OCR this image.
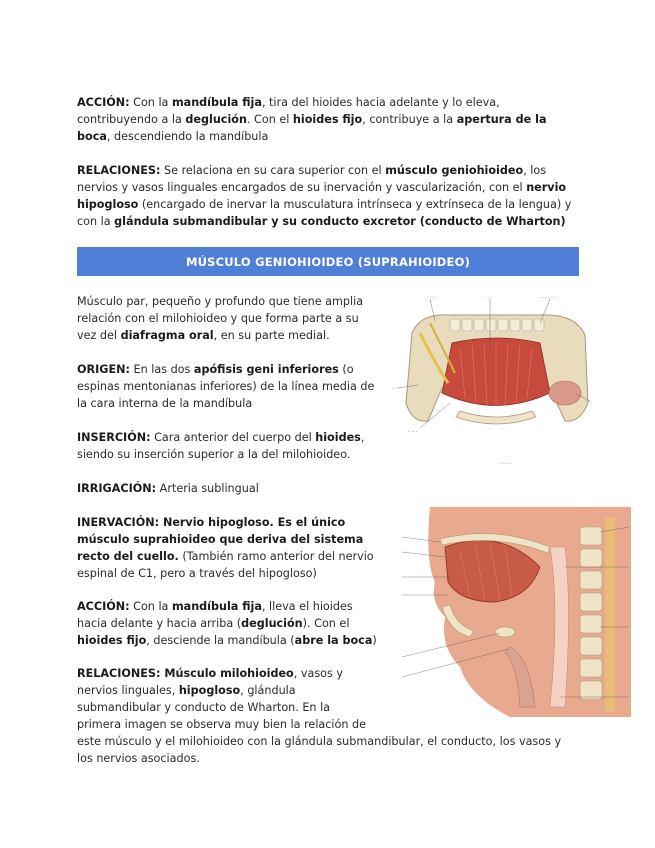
ACCIÓN: Con la mandíbula fija, tira del hioides hacia adelante y lo eleva, contribuyendo a la deglución. Con el hioides fijo, contribuye a la apertura de la boca, descendiendo la mandíbula

RELACIONES: Se relaciona en su cara superior con el músculo geniohioideo, los nervios y vasos linguales encargados de su inervación y vascularización, con el nervio hipogloso (encargado de inervar la musculatura intrínseca y extrínseca de la lengua) y con la glándula submandibular y su conducto excretor (conducto de Wharton)

MÚSCULO GENIOHIOIDEO (SUPRAHIOIDEO)

Músculo par, pequeño y profundo que tiene amplia relación con el milohioideo y que forma parte a su vez del diafragma oral, en su parte medial.

ORIGEN: En las dos apófisis geni inferiores (o espinas mentonianas inferiores) de la línea media de la cara interna de la mandíbula

INSERCIÓN: Cara anterior del cuerpo del hioides, siendo su inserción superior a la del milohioideo.

IRRIGACIÓN: Arteria sublingual

INERVACIÓN: Nervio hipogloso. Es el único músculo suprahioideo que deriva del sistema recto del cuello. (También ramo anterior del nervio espinal de C1, pero a través del hipogloso)

ACCIÓN: Con la mandíbula fija, lleva el hioides hacia delante y hacia arriba (deglución). Con el hioides fijo, desciende la mandíbula (abre la boca)

RELACIONES: Músculo milohioideo, vasos y nervios linguales, hipogloso, glándula submandibular y conducto de Wharton. En la primera imagen se observa muy bien la relación de este músculo y el milohioideo con la glándula submandibular, el conducto, los vasos y los nervios asociados.
· · · ·	· · ·	· · · · · · ·
· · ·
· · ·
· · · ·
· · · · ·
